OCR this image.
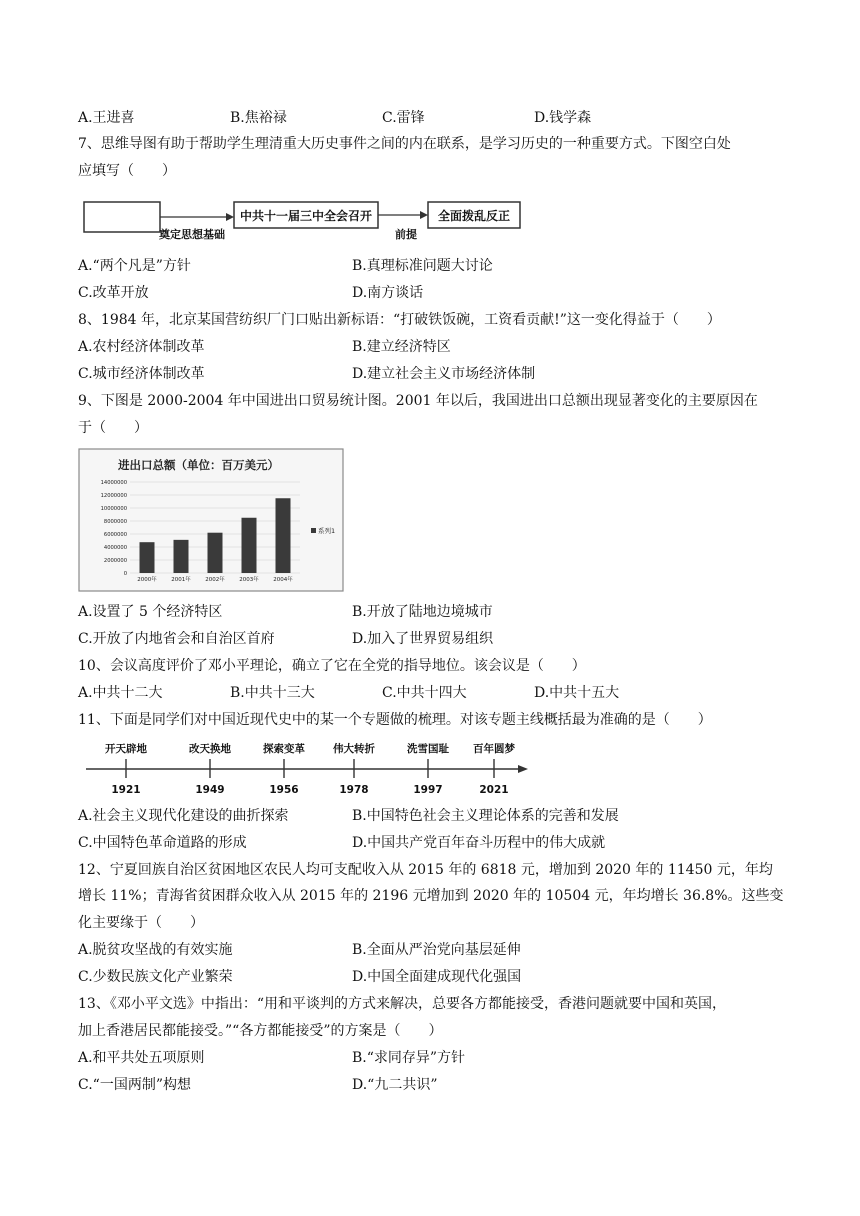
A.王进喜	B.焦裕禄	C.雷锋	D.钱学森
7、思维导图有助于帮助学生理清重大历史事件之间的内在联系，是学习历史的一种重要方式。下图空白处
应填写（　　）
中共十一届三中全会召开	全面拨乱反正
奠定思想基础	前提
A.“两个凡是”方针	B.真理标准问题大讨论
C.改革开放	D.南方谈话
8、1984 年，北京某国营纺织厂门口贴出新标语：“打破铁饭碗，工资看贡献!”这一变化得益于（　　）
A.农村经济体制改革	B.建立经济特区
C.城市经济体制改革	D.建立社会主义市场经济体制
9、下图是 2000-2004 年中国进出口贸易统计图。2001 年以后，我国进出口总额出现显著变化的主要原因在
于（　　）
进出口总额（单位：百万美元）
0
2000000
4000000
6000000
8000000
10000000
12000000
14000000
2000年	2001年	2002年	2003年	2004年
系列1
A.设置了 5 个经济特区	B.开放了陆地边境城市
C.开放了内地省会和自治区首府	D.加入了世界贸易组织
10、会议高度评价了邓小平理论，确立了它在全党的指导地位。该会议是（　　）
A.中共十二大	B.中共十三大	C.中共十四大	D.中共十五大
11、下面是同学们对中国近现代史中的某一个专题做的梳理。对该专题主线概括最为准确的是（　　）
开天辟地
1921
改天换地
1949
探索变革
1956
伟大转折
1978
洗雪国耻
1997
百年圆梦
2021
A.社会主义现代化建设的曲折探索	B.中国特色社会主义理论体系的完善和发展
C.中国特色革命道路的形成	D.中国共产党百年奋斗历程中的伟大成就
12、宁夏回族自治区贫困地区农民人均可支配收入从 2015 年的 6818 元，增加到 2020 年的 11450 元，年均
增长 11%；青海省贫困群众收入从 2015 年的 2196 元增加到 2020 年的 10504 元，年均增长 36.8%。这些变
化主要缘于（　　）
A.脱贫攻坚战的有效实施	B.全面从严治党向基层延伸
C.少数民族文化产业繁荣	D.中国全面建成现代化强国
13、《邓小平文选》中指出：“用和平谈判的方式来解决，总要各方都能接受，香港问题就要中国和英国，
加上香港居民都能接受。”“各方都能接受”的方案是（　　）
A.和平共处五项原则	B.“求同存异”方针
C.“一国两制”构想	D.“九二共识”
